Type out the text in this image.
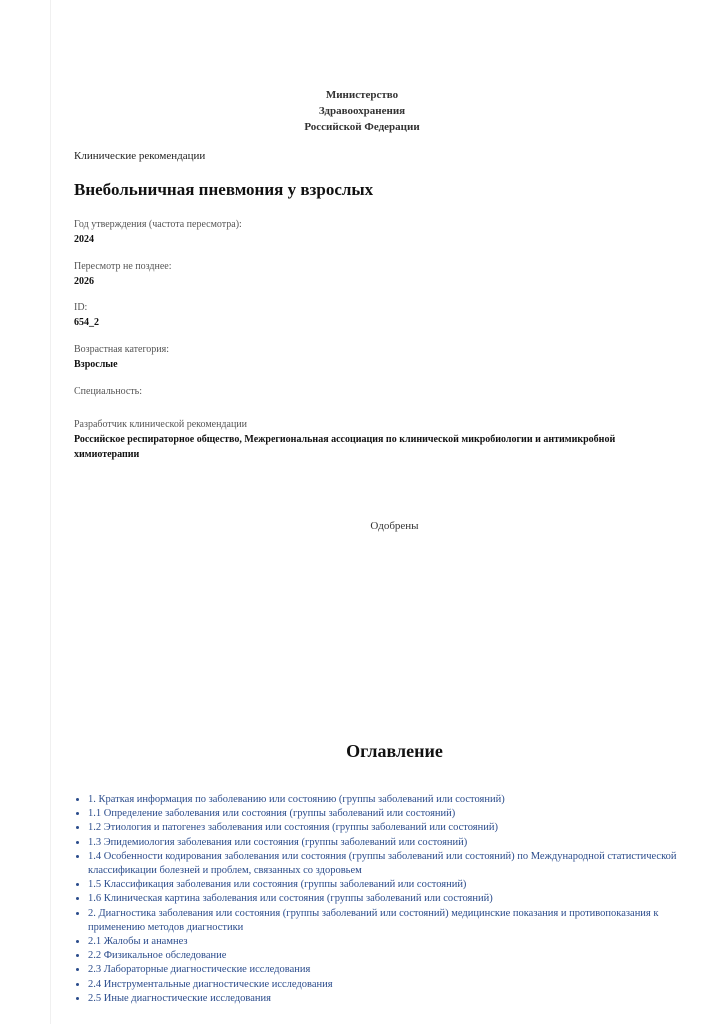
Министерство
Здравоохранения
Российской Федерации
Клинические рекомендации
Внебольничная пневмония у взрослых
Год утверждения (частота пересмотра):
2024
Пересмотр не позднее:
2026
ID:
654_2
Возрастная категория:
Взрослые
Специальность:
Разработчик клинической рекомендации
Российское респираторное общество, Межрегиональная ассоциация по клинической микробиологии и антимикробной химиотерапии
Одобрены
Оглавление
• 1. Краткая информация по заболеванию или состоянию (группы заболеваний или состояний)
• 1.1 Определение заболевания или состояния (группы заболеваний или состояний)
• 1.2 Этиология и патогенез заболевания или состояния (группы заболеваний или состояний)
• 1.3 Эпидемиология заболевания или состояния (группы заболеваний или состояний)
• 1.4 Особенности кодирования заболевания или состояния (группы заболеваний или состояний) по Международной статистической классификации болезней и проблем, связанных со здоровьем
• 1.5 Классификация заболевания или состояния (группы заболеваний или состояний)
• 1.6 Клиническая картина заболевания или состояния (группы заболеваний или состояний)
• 2. Диагностика заболевания или состояния (группы заболеваний или состояний) медицинские показания и противопоказания к применению методов диагностики
• 2.1 Жалобы и анамнез
• 2.2 Физикальное обследование
• 2.3 Лабораторные диагностические исследования
• 2.4 Инструментальные диагностические исследования
• 2.5 Иные диагностические исследования
